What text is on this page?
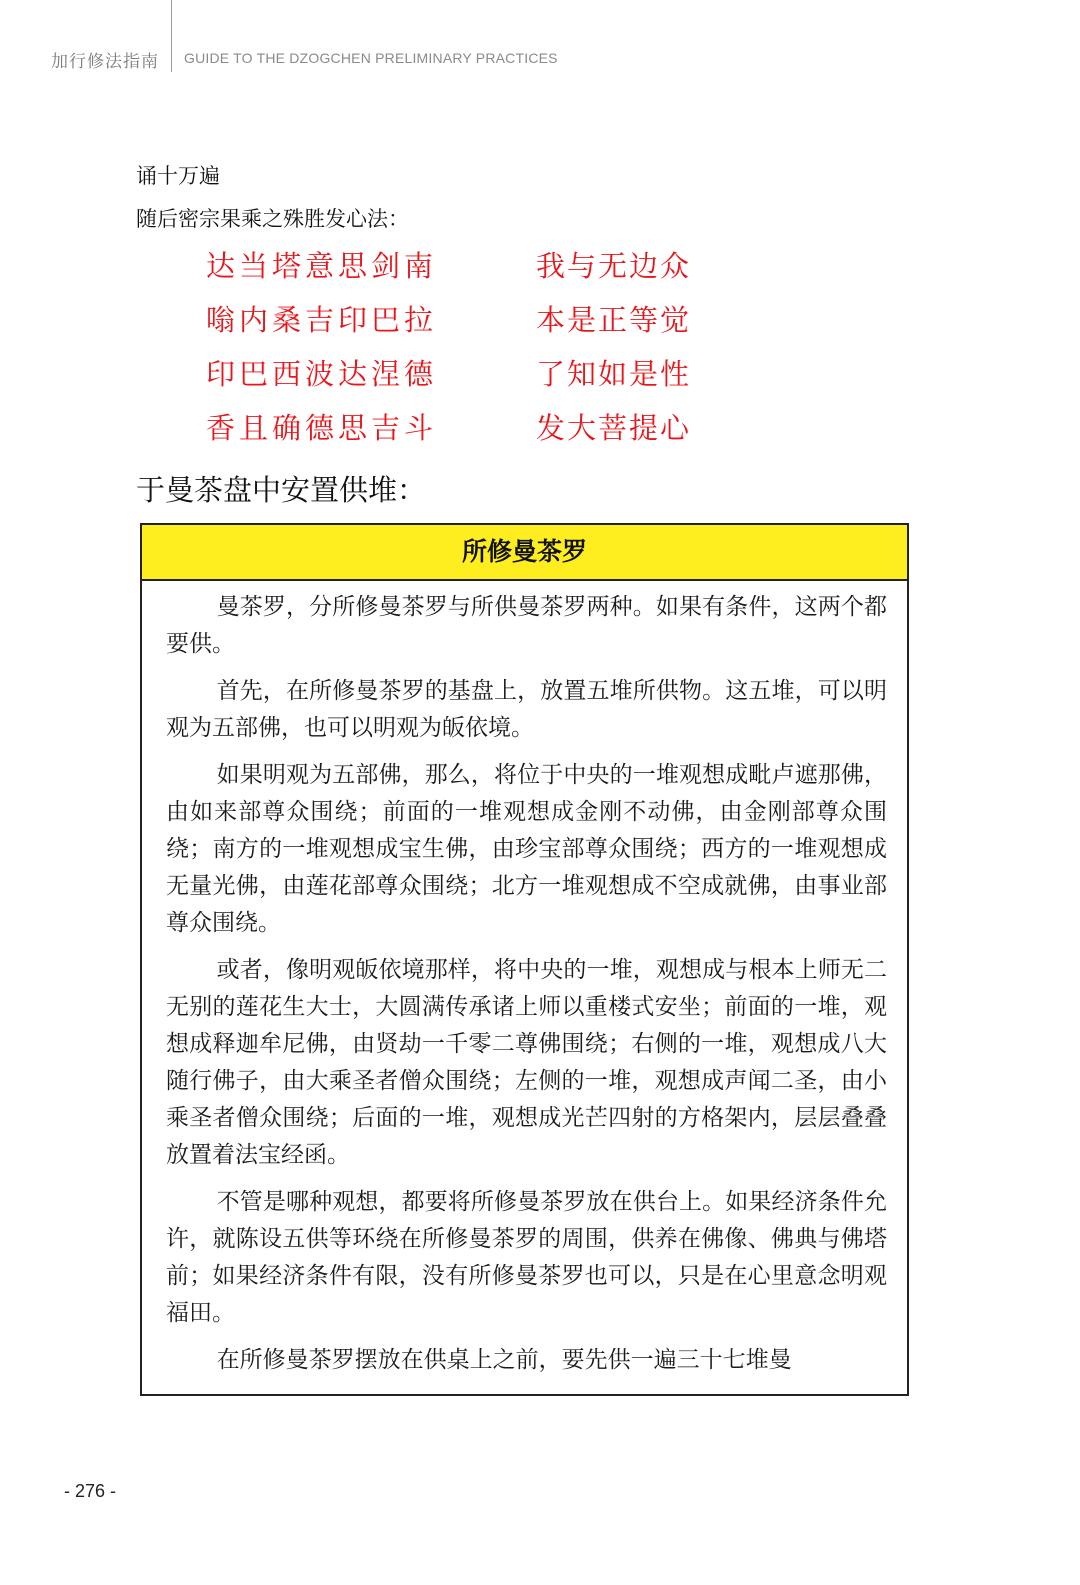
加行修法指南 GUIDE TO THE DZOGCHEN PRELIMINARY PRACTICES
诵十万遍
随后密宗果乘之殊胜发心法：
达当塔意思剑南
嗡内桑吉印巴拉
印巴西波达涅德
香且确德思吉斗
我与无边众
本是正等觉
了知如是性
发大菩提心
于曼茶盘中安置供堆：
所修曼茶罗

曼茶罗，分所修曼茶罗与所供曼茶罗两种。如果有条件，这两个都要供。

首先，在所修曼茶罗的基盘上，放置五堆所供物。这五堆，可以明观为五部佛，也可以明观为皈依境。

如果明观为五部佛，那么，将位于中央的一堆观想成毗卢遮那佛，由如来部尊众围绕；前面的一堆观想成金刚不动佛，由金刚部尊众围绕；南方的一堆观想成宝生佛，由珍宝部尊众围绕；西方的一堆观想成无量光佛，由莲花部尊众围绕；北方一堆观想成不空成就佛，由事业部尊众围绕。

或者，像明观皈依境那样，将中央的一堆，观想成与根本上师无二无别的莲花生大士，大圆满传承诸上师以重楼式安坐；前面的一堆，观想成释迦牟尼佛，由贤劫一千零二尊佛围绕；右侧的一堆，观想成八大随行佛子，由大乘圣者僧众围绕；左侧的一堆，观想成声闻二圣，由小乘圣者僧众围绕；后面的一堆，观想成光芒四射的方格架内，层层叠叠放置着法宝经函。

不管是哪种观想，都要将所修曼茶罗放在供台上。如果经济条件允许，就陈设五供等环绕在所修曼茶罗的周围，供养在佛像、佛典与佛塔前；如果经济条件有限，没有所修曼茶罗也可以，只是在心里意念明观福田。

在所修曼茶罗摆放在供桌上之前，要先供一遍三十七堆曼

- 276 -
